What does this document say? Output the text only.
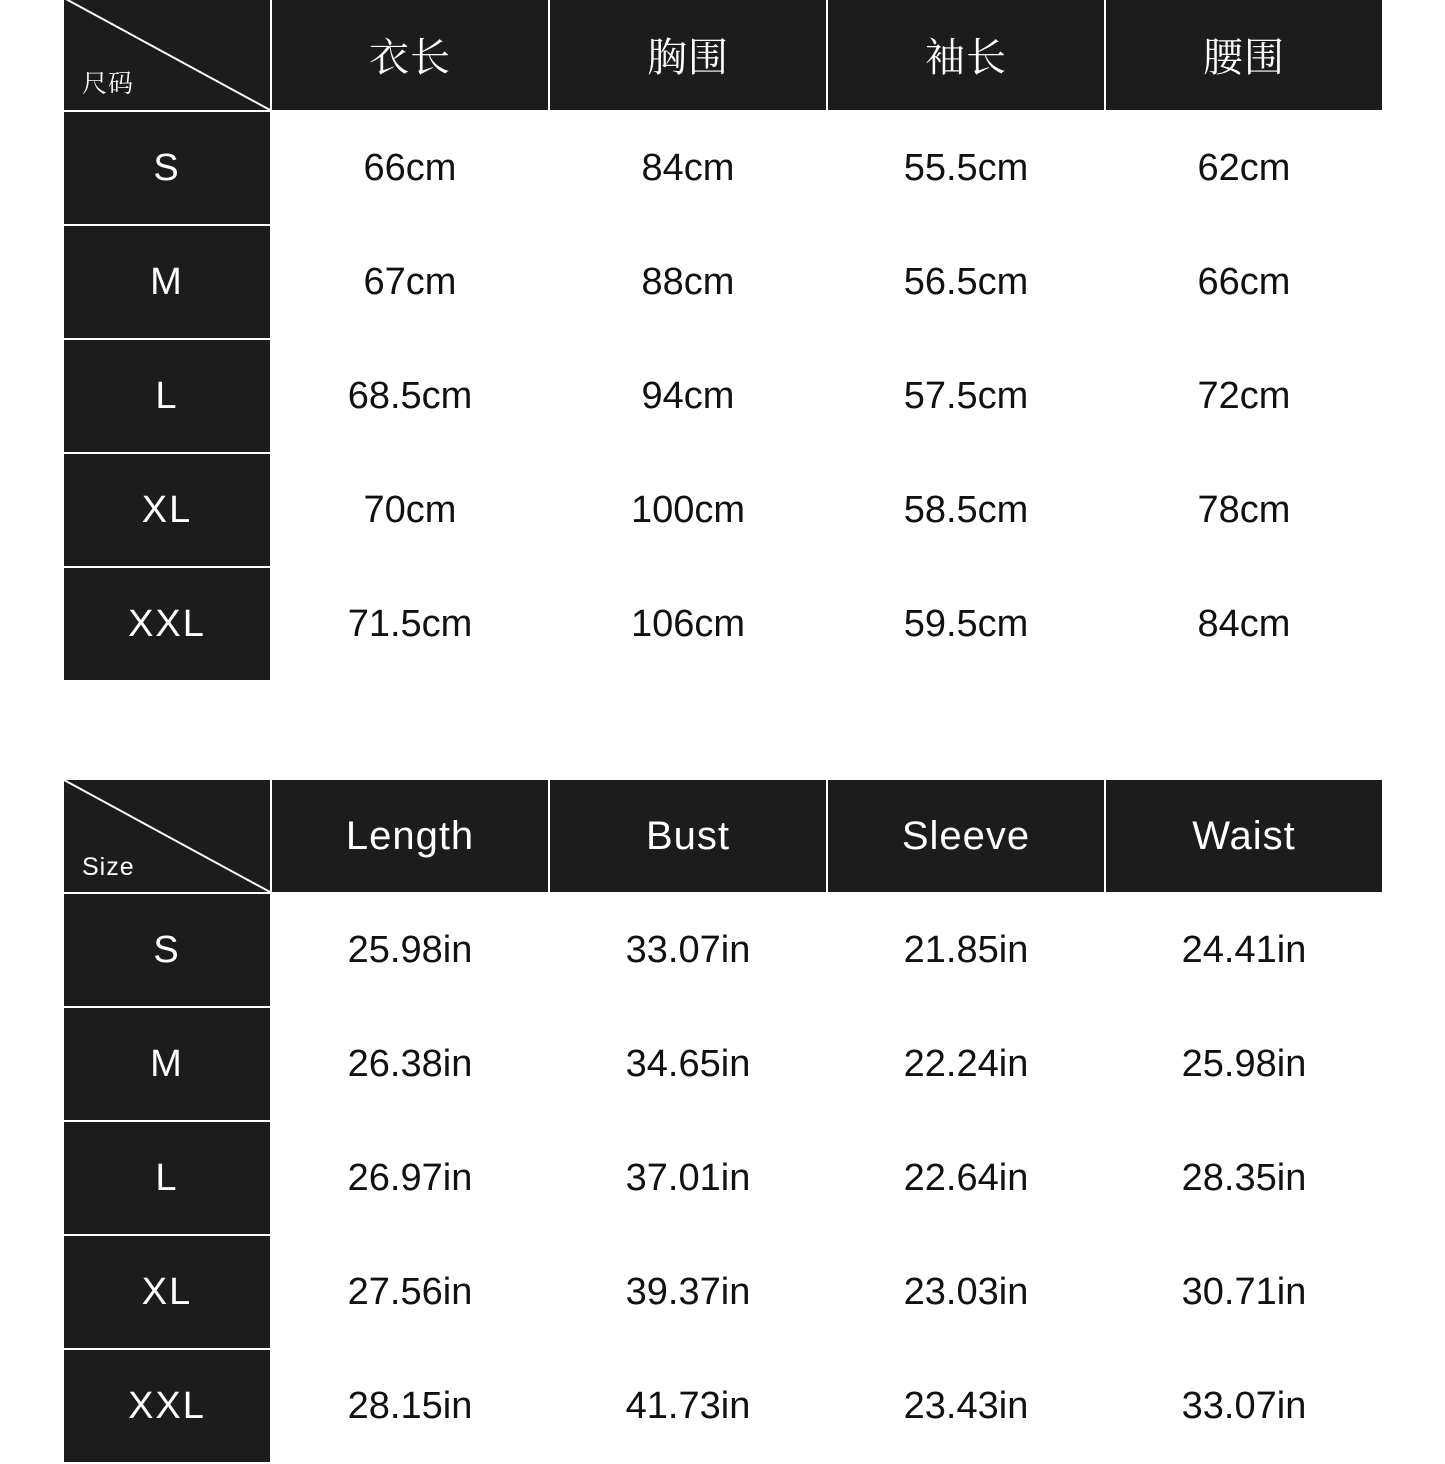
尺码	衣长	胸围	袖长	腰围
S	66cm	84cm	55.5cm	62cm
M	67cm	88cm	56.5cm	66cm
L	68.5cm	94cm	57.5cm	72cm
XL	70cm	100cm	58.5cm	78cm
XXL	71.5cm	106cm	59.5cm	84cm
Size	Length	Bust	Sleeve	Waist
S	25.98in	33.07in	21.85in	24.41in
M	26.38in	34.65in	22.24in	25.98in
L	26.97in	37.01in	22.64in	28.35in
XL	27.56in	39.37in	23.03in	30.71in
XXL	28.15in	41.73in	23.43in	33.07in
